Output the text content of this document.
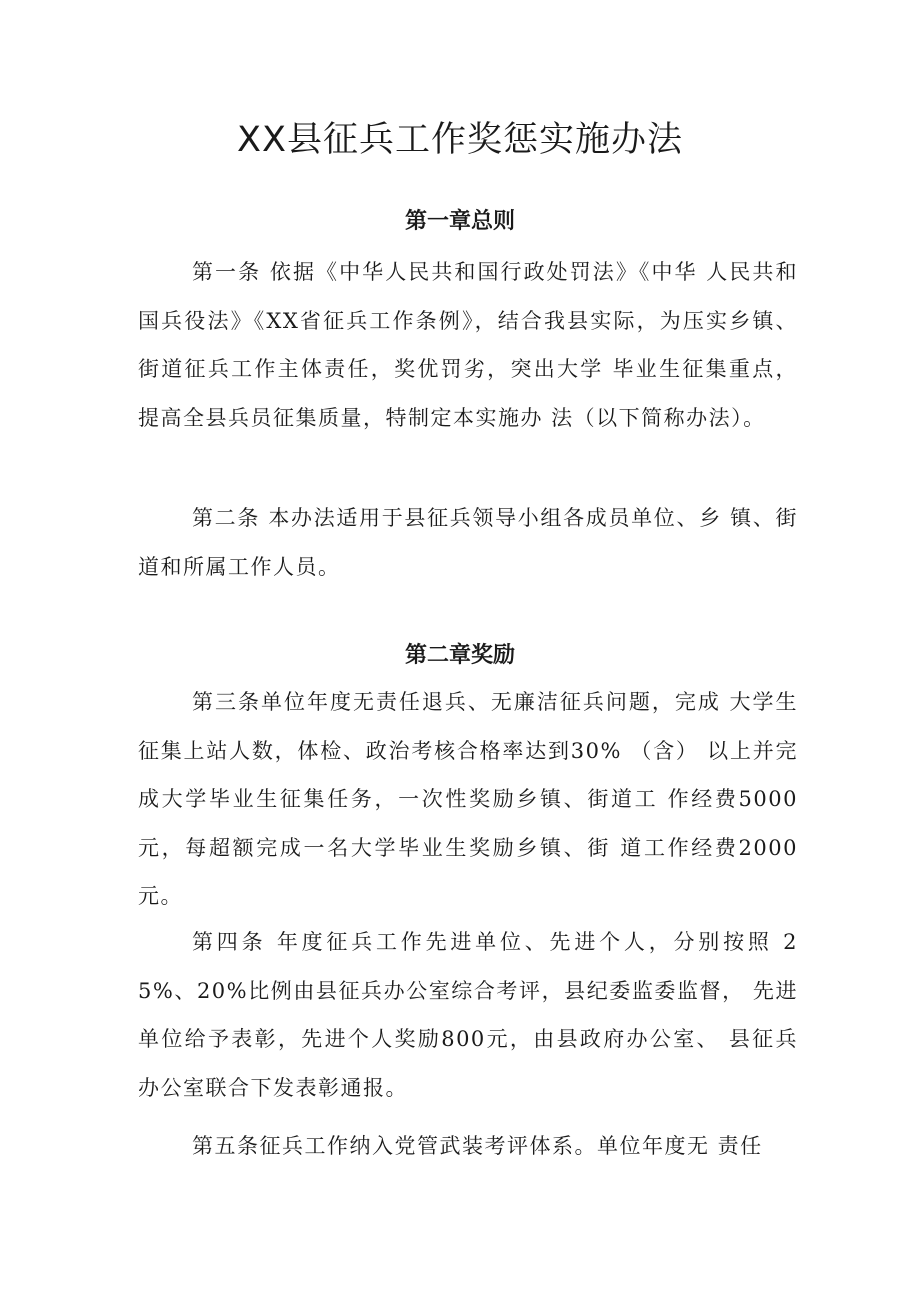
XX县征兵工作奖惩实施办法
第一章总则

第一条 依据《中华人民共和国行政处罚法》《中华 人民共和国兵役法》《XX省征兵工作条例》，结合我县实际，为压实乡镇、街道征兵工作主体责任，奖优罚劣，突出大学 毕业生征集重点，提高全县兵员征集质量，特制定本实施办 法（以下简称办法）。

第二条 本办法适用于县征兵领导小组各成员单位、乡 镇、街道和所属工作人员。

第二章奖励

第三条单位年度无责任退兵、无廉洁征兵问题，完成 大学生征集上站人数，体检、政治考核合格率达到30% （含） 以上并完成大学毕业生征集任务，一次性奖励乡镇、街道工 作经费5000元，每超额完成一名大学毕业生奖励乡镇、街 道工作经费2000元。

第四条 年度征兵工作先进单位、先进个人，分别按照 25%、20%比例由县征兵办公室综合考评，县纪委监委监督， 先进单位给予表彰，先进个人奖励800元，由县政府办公室、 县征兵办公室联合下发表彰通报。

第五条征兵工作纳入党管武装考评体系。单位年度无 责任
